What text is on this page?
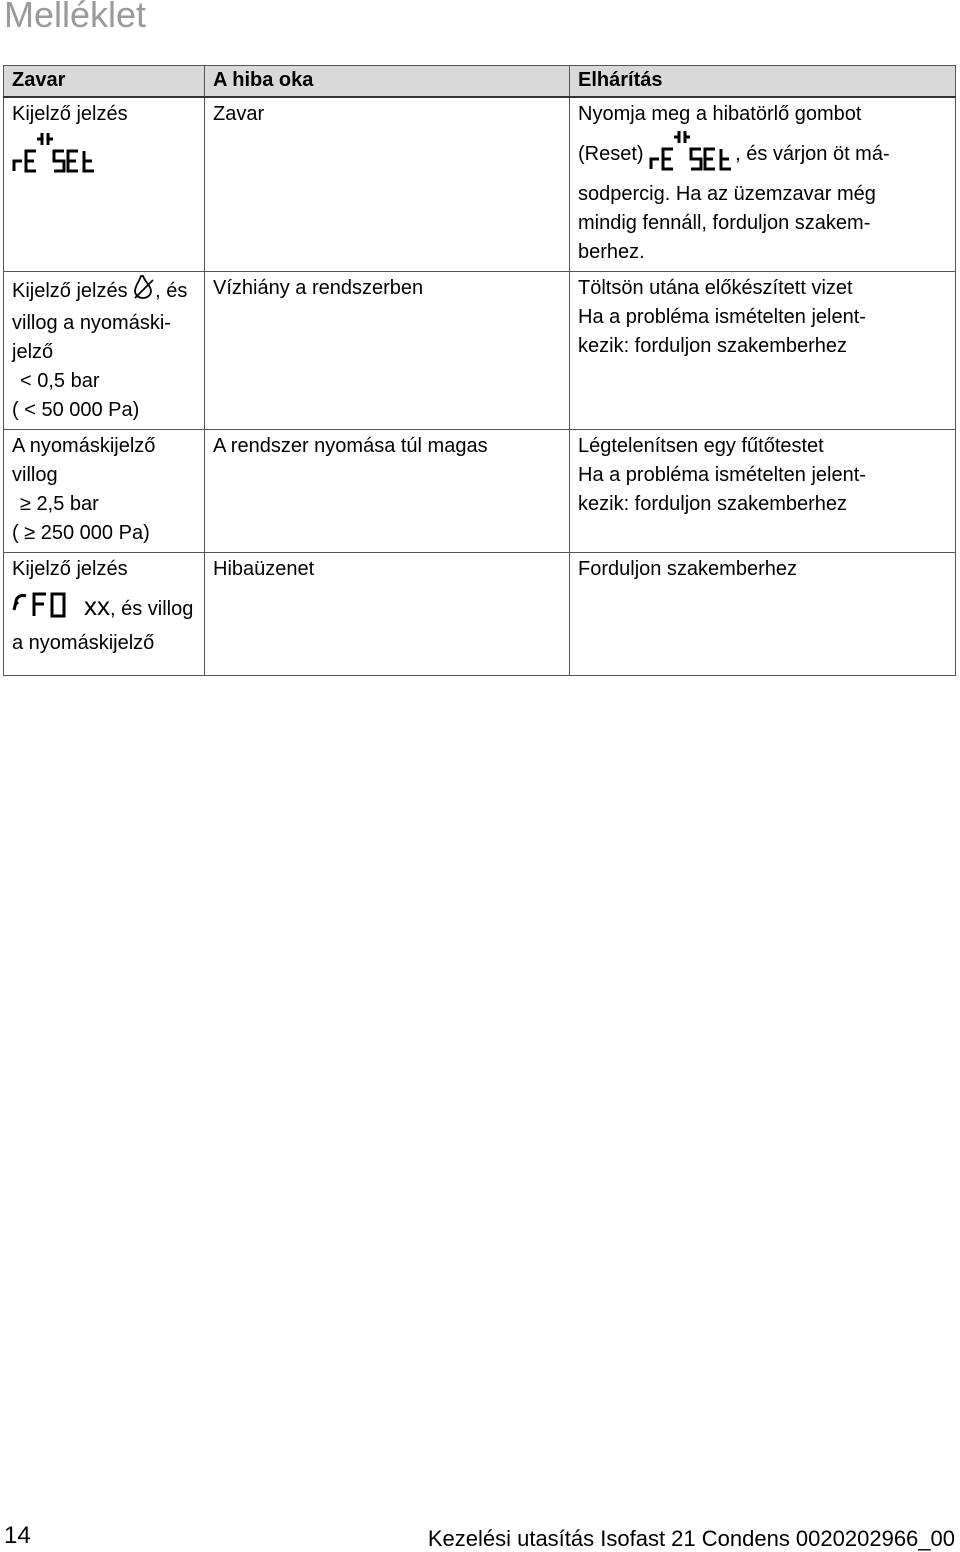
Melléklet
Zavar	A hiba oka	Elhárítás

Kijelző jelzés	Zavar	Nyomja meg a hibatörlő gombot
(Reset) , és várjon öt má-
sodpercig. Ha az üzemzavar még
mindig fennáll, forduljon szakem-
berhez.

Kijelző jelzés , és
villog a nyomáski-
jelző
< 0,5 bar
( < 50 000 Pa)	Vízhiány a rendszerben	Töltsön utána előkészített vizet
Ha a probléma ismételten jelent-
kezik: forduljon szakemberhez

A nyomáskijelző
villog
≥ 2,5 bar
( ≥ 250 000 Pa)	A rendszer nyomása túl magas	Légtelenítsen egy fűtőtestet
Ha a probléma ismételten jelent-
kezik: forduljon szakemberhez

Kijelző jelzés
xx, és villog
a nyomáskijelző	Hibaüzenet	Forduljon szakemberhez
14	Kezelési utasítás Isofast 21 Condens 0020202966_00
